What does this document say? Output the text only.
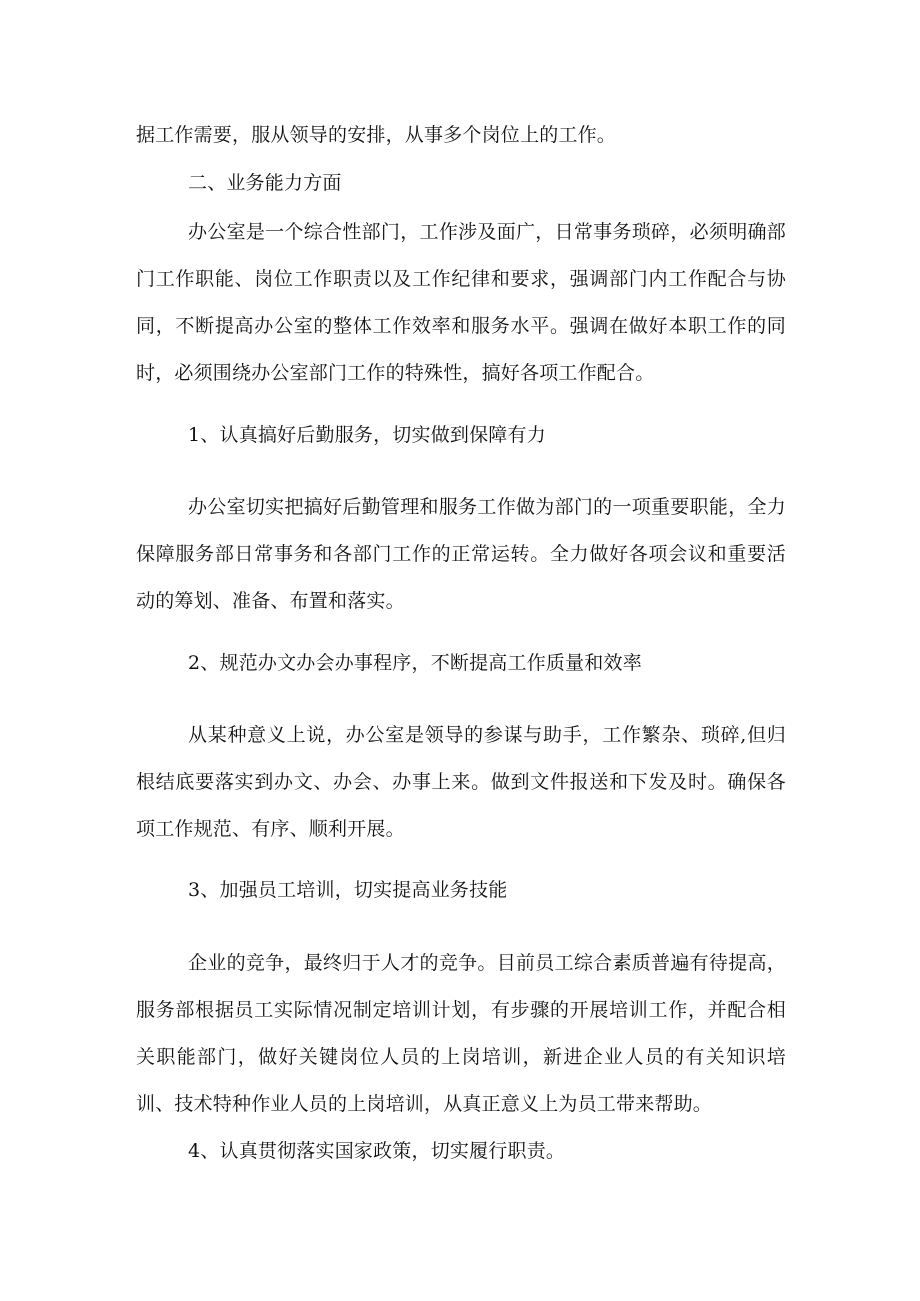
据工作需要，服从领导的安排，从事多个岗位上的工作。

二、业务能力方面

办公室是一个综合性部门，工作涉及面广，日常事务琐碎，必须明确部门工作职能、岗位工作职责以及工作纪律和要求，强调部门内工作配合与协同，不断提高办公室的整体工作效率和服务水平。强调在做好本职工作的同时，必须围绕办公室部门工作的特殊性，搞好各项工作配合。

1、认真搞好后勤服务，切实做到保障有力

办公室切实把搞好后勤管理和服务工作做为部门的一项重要职能，全力保障服务部日常事务和各部门工作的正常运转。全力做好各项会议和重要活动的筹划、准备、布置和落实。

2、规范办文办会办事程序，不断提高工作质量和效率

从某种意义上说，办公室是领导的参谋与助手，工作繁杂、琐碎,但归根结底要落实到办文、办会、办事上来。做到文件报送和下发及时。确保各项工作规范、有序、顺利开展。

3、加强员工培训，切实提高业务技能

企业的竞争，最终归于人才的竞争。目前员工综合素质普遍有待提高，服务部根据员工实际情况制定培训计划，有步骤的开展培训工作，并配合相关职能部门，做好关键岗位人员的上岗培训，新进企业人员的有关知识培训、技术特种作业人员的上岗培训，从真正意义上为员工带来帮助。

4、认真贯彻落实国家政策，切实履行职责。
